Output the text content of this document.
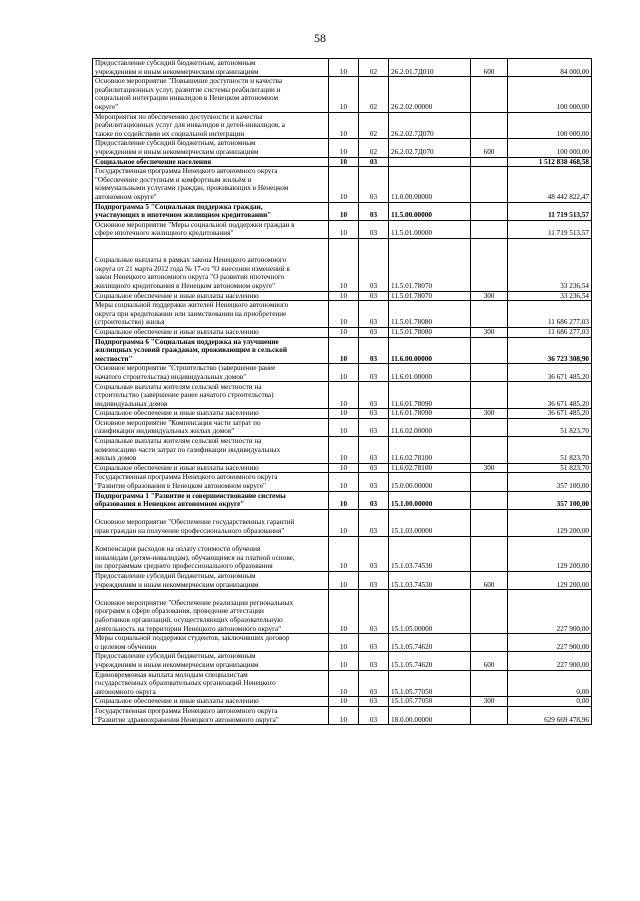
58
Предоставление субсидий бюджетным, автономным
учреждениям и иным некоммерческим организациям	10	02	26.2.01.7Д010	600	84 000,00

Основное мероприятие "Повышение доступности и качества
реабилитационных услуг, развитие системы реабилитации и
социальной интеграции инвалидов в Ненецком автономном
округе"	10	02	26.2.02.00000		100 000,00

Мероприятия по обеспечению доступности и качества
реабилитационных услуг для инвалидов и детей-инвалидов, а
также по содействию их социальной интеграции	10	02	26.2.02.7Д070		100 000,00

Предоставление субсидий бюджетным, автономным
учреждениям и иным некоммерческим организациям	10	02	26.2.02.7Д070	600	100 000,00

Социальное обеспечение населения	10	03			1 512 838 468,58

Государственная программа Ненецкого автономного округа
"Обеспечение доступным и комфортным жильём и
коммунальными услугами граждан, проживающих в Ненецком
автономном округе"	10	03	11.0.00.00000		48 442 822,47

Подпрограмма 5 "Социальная поддержка граждан,
участвующих в ипотечном жилищном кредитовании"	10	03	11.5.00.00000		11 719 513,57

Основное мероприятие "Меры социальной поддержки граждан в
сфере ипотечного жилищного кредитования"	10	03	11.5.01.00000		11 719 513,57

Социальные выплаты в рамках закона Ненецкого автономного
округа от 21 марта 2012 года № 17-оз "О внесении изменений в
закон Ненецкого автономного округа "О развитии ипотечного
жилищного кредитования в Ненецком автономном округе"	10	03	11.5.01.78070		33 236,54

Социальное обеспечение и иные выплаты населению	10	03	11.5.01.78070	300	33 236,54

Меры социальной поддержки жителей Ненецкого автономного
округа при кредитовании или заимствовании на приобретение
(строительство) жилья	10	03	11.5.01.78080		11 686 277,03

Социальное обеспечение и иные выплаты населению	10	03	11.5.01.78080	300	11 686 277,03

Подпрограмма 6 "Социальная поддержка на улучшение
жилищных условий гражданам, проживающим в сельской
местности"	10	03	11.6.00.00000		36 723 308,90

Основное мероприятие "Строительство (завершение ранее
начатого строительства) индивидуальных домов"	10	03	11.6.01.00000		36 671 485,20

Социальные выплаты жителям сельской местности на
строительство (завершение ранее начатого строительства)
индивидуальных домов	10	03	11.6.01.78090		36 671 485,20

Социальное обеспечение и иные выплаты населению	10	03	11.6.01.78090	300	36 671 485,20

Основное мероприятие "Компенсация части затрат по
газификации индивидуальных жилых домов"	10	03	11.6.02.00000		51 823,70

Социальные выплаты жителям сельской местности на
компенсацию части затрат по газификации индивидуальных
жилых домов	10	03	11.6.02.78100		51 823,70

Социальное обеспечение и иные выплаты населению	10	03	11.6.02.78100	300	51 823,70

Государственная программа Ненецкого автономного округа
"Развитие образования в Ненецком автономном округе"	10	03	15.0.00.00000		357 100,00

Подпрограмма 1 "Развитие и совершенствование системы
образования в Ненецком автономном округе"	10	03	15.1.00.00000		357 100,00

Основное мероприятие "Обеспечение государственных гарантий
прав граждан на получение профессионального образования"	10	03	15.1.03.00000		129 200,00

Компенсация расходов на оплату стоимости обучения
инвалидам (детям-инвалидам), обучающимся на платной основе,
по программам среднего профессионального образования	10	03	15.1.03.74530		129 200,00

Предоставление субсидий бюджетным, автономным
учреждениям и иным некоммерческим организациям	10	03	15.1.03.74530	600	129 200,00

Основное мероприятие "Обеспечение реализации региональных
программ в сфере образования, проведение аттестации
работников организаций, осуществляющих образовательную
деятельность на территории Ненецкого автономного округа"	10	03	15.1.05.00000		227 900,00

Меры социальной поддержки студентов, заключивших договор
о целевом обучении	10	03	15.1.05.74620		227 900,00

Предоставление субсидий бюджетным, автономным
учреждениям и иным некоммерческим организациям	10	03	15.1.05.74620	600	227 900,00

Единовременная выплата молодым специалистам
государственных образовательных организаций Ненецкого
автономного округа	10	03	15.1.05.77050		0,00

Социальное обеспечение и иные выплаты населению	10	03	15.1.05.77050	300	0,00

Государственная программа Ненецкого автономного округа
"Развитие здравоохранения Ненецкого автономного округа"	10	03	18.0.00.00000		629 669 478,96
